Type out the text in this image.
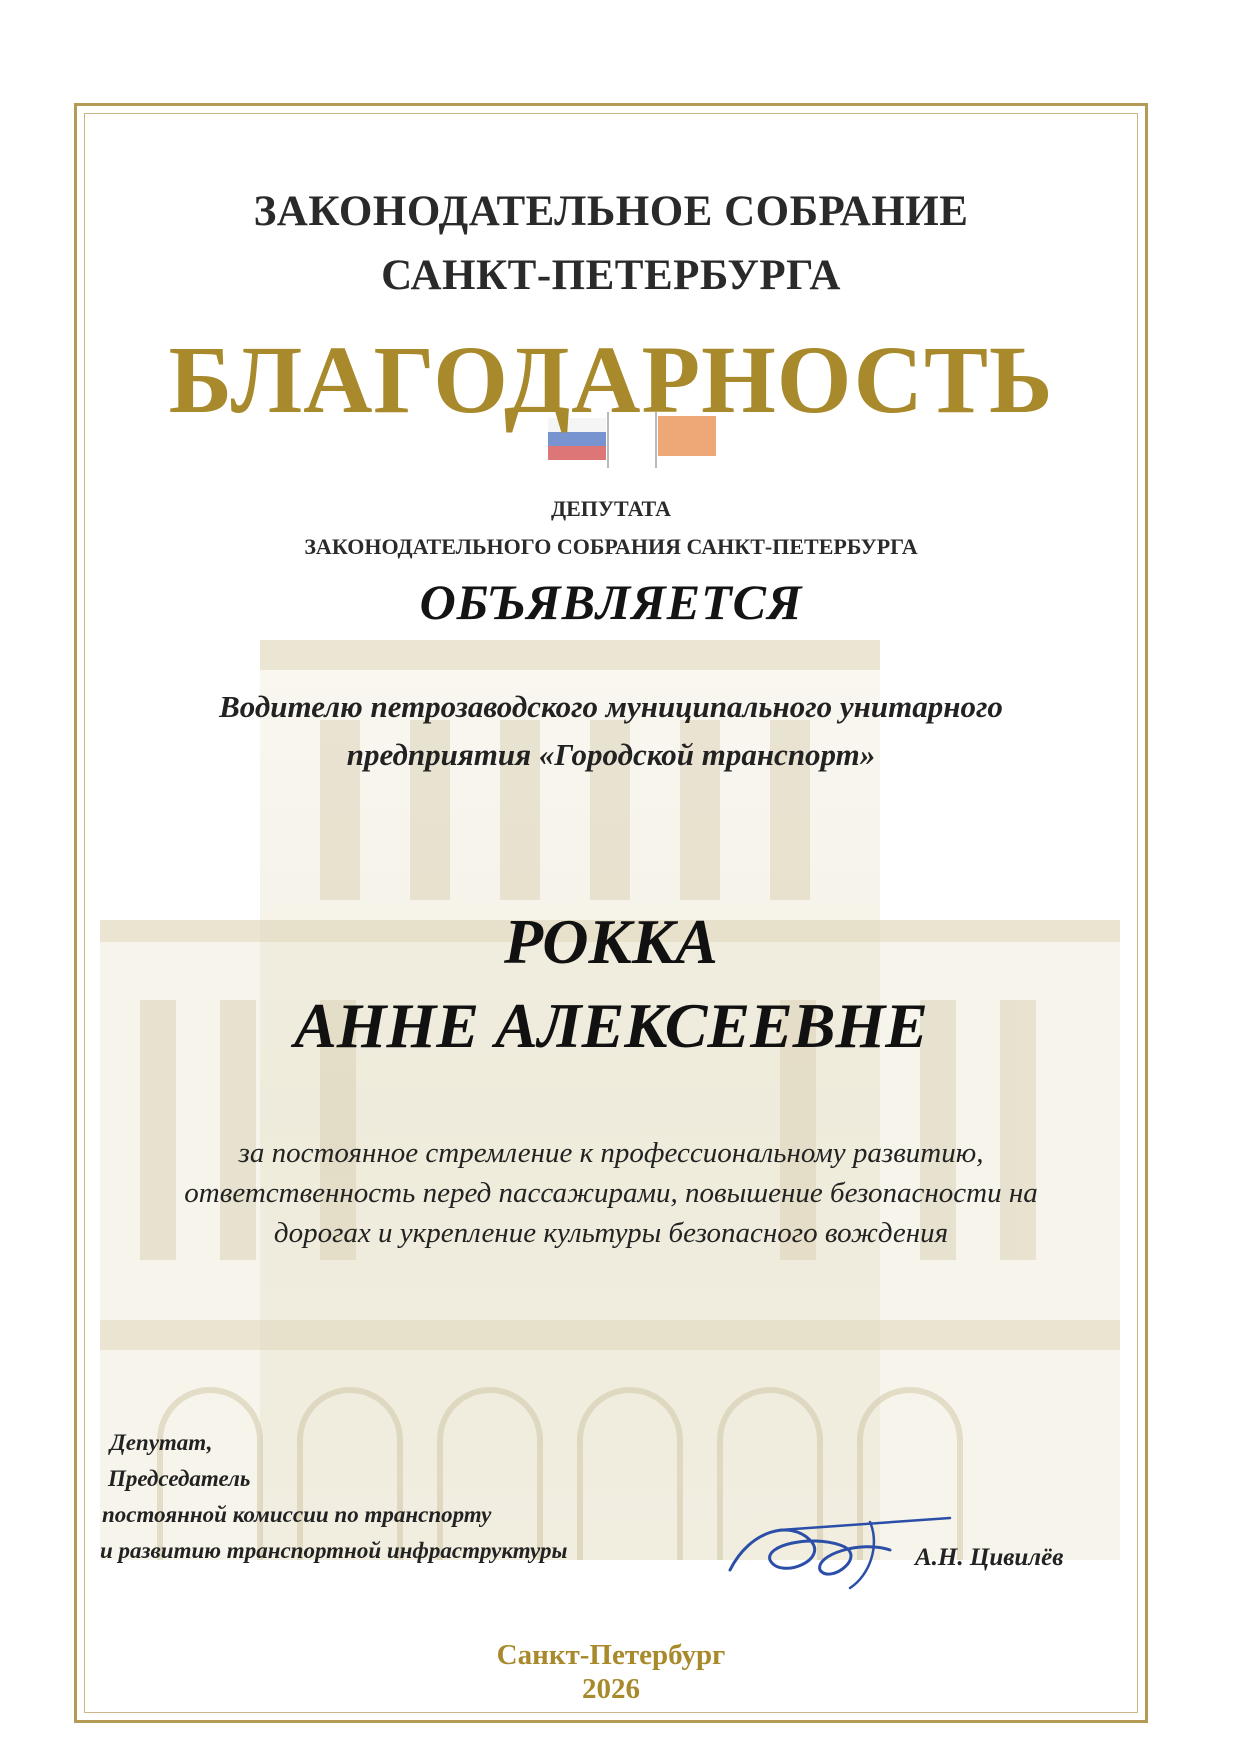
ЗАКОНОДАТЕЛЬНОЕ СОБРАНИЕ
САНКТ-ПЕТЕРБУРГА
БЛАГОДАРНОСТЬ
ДЕПУТАТА
ЗАКОНОДАТЕЛЬНОГО СОБРАНИЯ САНКТ-ПЕТЕРБУРГА
ОБЪЯВЛЯЕТСЯ
Водителю петрозаводского муниципального унитарного
предприятия «Городской транспорт»
РОККА
АННЕ АЛЕКСЕЕВНЕ
за постоянное стремление к профессиональному развитию,
ответственность перед пассажирами, повышение безопасности на
дорогах и укрепление культуры безопасного вождения
Депутат,
Председатель
постоянной комиссии по транспорту
и развитию транспортной инфраструктуры	А.Н. Цивилёв
Санкт-Петербург
2026
